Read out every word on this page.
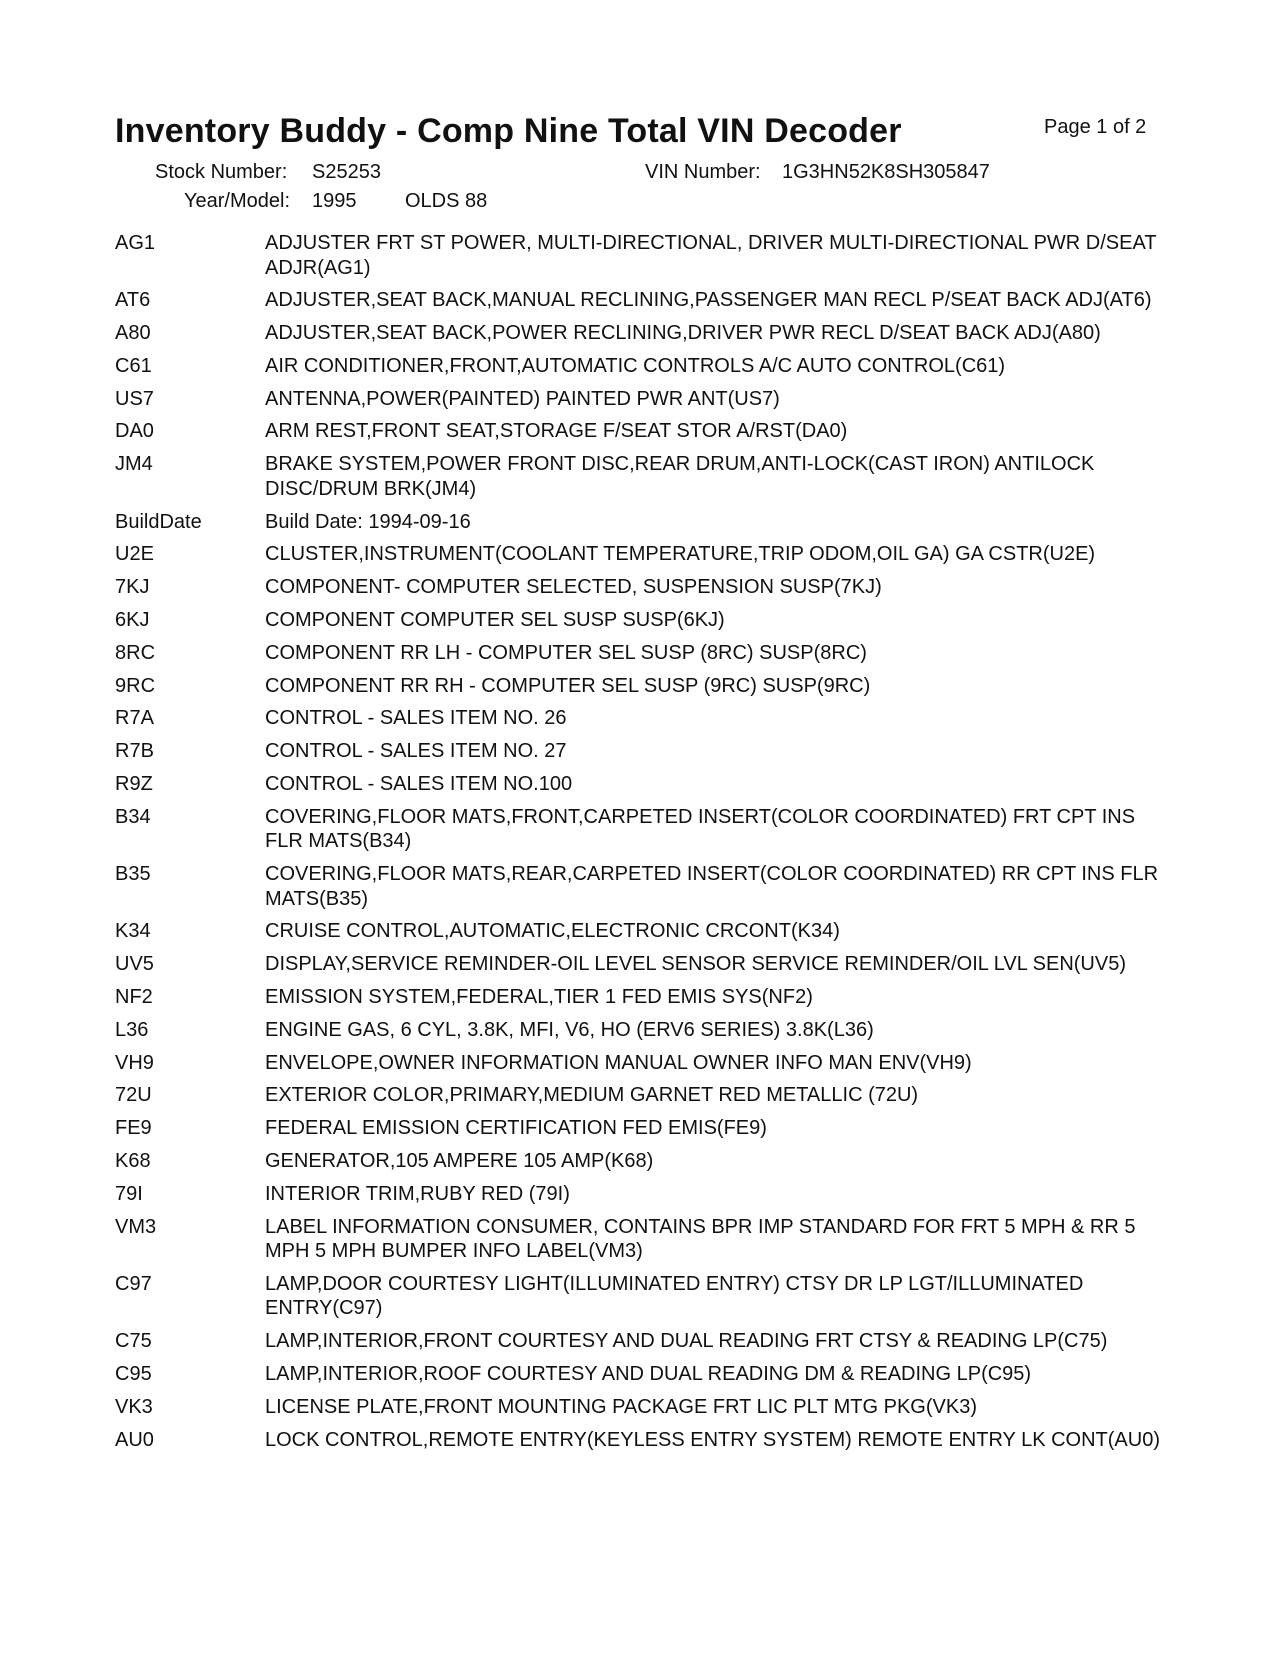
Inventory Buddy - Comp Nine Total VIN Decoder	Page 1 of 2
Stock Number: S25253	VIN Number: 1G3HN52K8SH305847
Year/Model: 1995 OLDS 88
AG1	ADJUSTER FRT ST POWER, MULTI-DIRECTIONAL, DRIVER MULTI-DIRECTIONAL PWR D/SEAT ADJR(AG1)
AT6	ADJUSTER,SEAT BACK,MANUAL RECLINING,PASSENGER MAN RECL P/SEAT BACK ADJ(AT6)
A80	ADJUSTER,SEAT BACK,POWER RECLINING,DRIVER PWR RECL D/SEAT BACK ADJ(A80)
C61	AIR CONDITIONER,FRONT,AUTOMATIC CONTROLS A/C AUTO CONTROL(C61)
US7	ANTENNA,POWER(PAINTED) PAINTED PWR ANT(US7)
DA0	ARM REST,FRONT SEAT,STORAGE F/SEAT STOR A/RST(DA0)
JM4	BRAKE SYSTEM,POWER FRONT DISC,REAR DRUM,ANTI-LOCK(CAST IRON) ANTILOCK DISC/DRUM BRK(JM4)
BuildDate	Build Date: 1994-09-16
U2E	CLUSTER,INSTRUMENT(COOLANT TEMPERATURE,TRIP ODOM,OIL GA) GA CSTR(U2E)
7KJ	COMPONENT- COMPUTER SELECTED, SUSPENSION SUSP(7KJ)
6KJ	COMPONENT COMPUTER SEL SUSP SUSP(6KJ)
8RC	COMPONENT RR LH - COMPUTER SEL SUSP (8RC) SUSP(8RC)
9RC	COMPONENT RR RH - COMPUTER SEL SUSP (9RC) SUSP(9RC)
R7A	CONTROL - SALES ITEM NO. 26
R7B	CONTROL - SALES ITEM NO. 27
R9Z	CONTROL - SALES ITEM NO.100
B34	COVERING,FLOOR MATS,FRONT,CARPETED INSERT(COLOR COORDINATED) FRT CPT INS FLR MATS(B34)
B35	COVERING,FLOOR MATS,REAR,CARPETED INSERT(COLOR COORDINATED) RR CPT INS FLR MATS(B35)
K34	CRUISE CONTROL,AUTOMATIC,ELECTRONIC CRCONT(K34)
UV5	DISPLAY,SERVICE REMINDER-OIL LEVEL SENSOR SERVICE REMINDER/OIL LVL SEN(UV5)
NF2	EMISSION SYSTEM,FEDERAL,TIER 1 FED EMIS SYS(NF2)
L36	ENGINE GAS, 6 CYL, 3.8K, MFI, V6, HO (ERV6 SERIES) 3.8K(L36)
VH9	ENVELOPE,OWNER INFORMATION MANUAL OWNER INFO MAN ENV(VH9)
72U	EXTERIOR COLOR,PRIMARY,MEDIUM GARNET RED METALLIC (72U)
FE9	FEDERAL EMISSION CERTIFICATION FED EMIS(FE9)
K68	GENERATOR,105 AMPERE 105 AMP(K68)
79I	INTERIOR TRIM,RUBY RED (79I)
VM3	LABEL INFORMATION CONSUMER, CONTAINS BPR IMP STANDARD FOR FRT 5 MPH & RR 5 MPH 5 MPH BUMPER INFO LABEL(VM3)
C97	LAMP,DOOR COURTESY LIGHT(ILLUMINATED ENTRY) CTSY DR LP LGT/ILLUMINATED ENTRY(C97)
C75	LAMP,INTERIOR,FRONT COURTESY AND DUAL READING FRT CTSY & READING LP(C75)
C95	LAMP,INTERIOR,ROOF COURTESY AND DUAL READING DM & READING LP(C95)
VK3	LICENSE PLATE,FRONT MOUNTING PACKAGE FRT LIC PLT MTG PKG(VK3)
AU0	LOCK CONTROL,REMOTE ENTRY(KEYLESS ENTRY SYSTEM) REMOTE ENTRY LK CONT(AU0)
